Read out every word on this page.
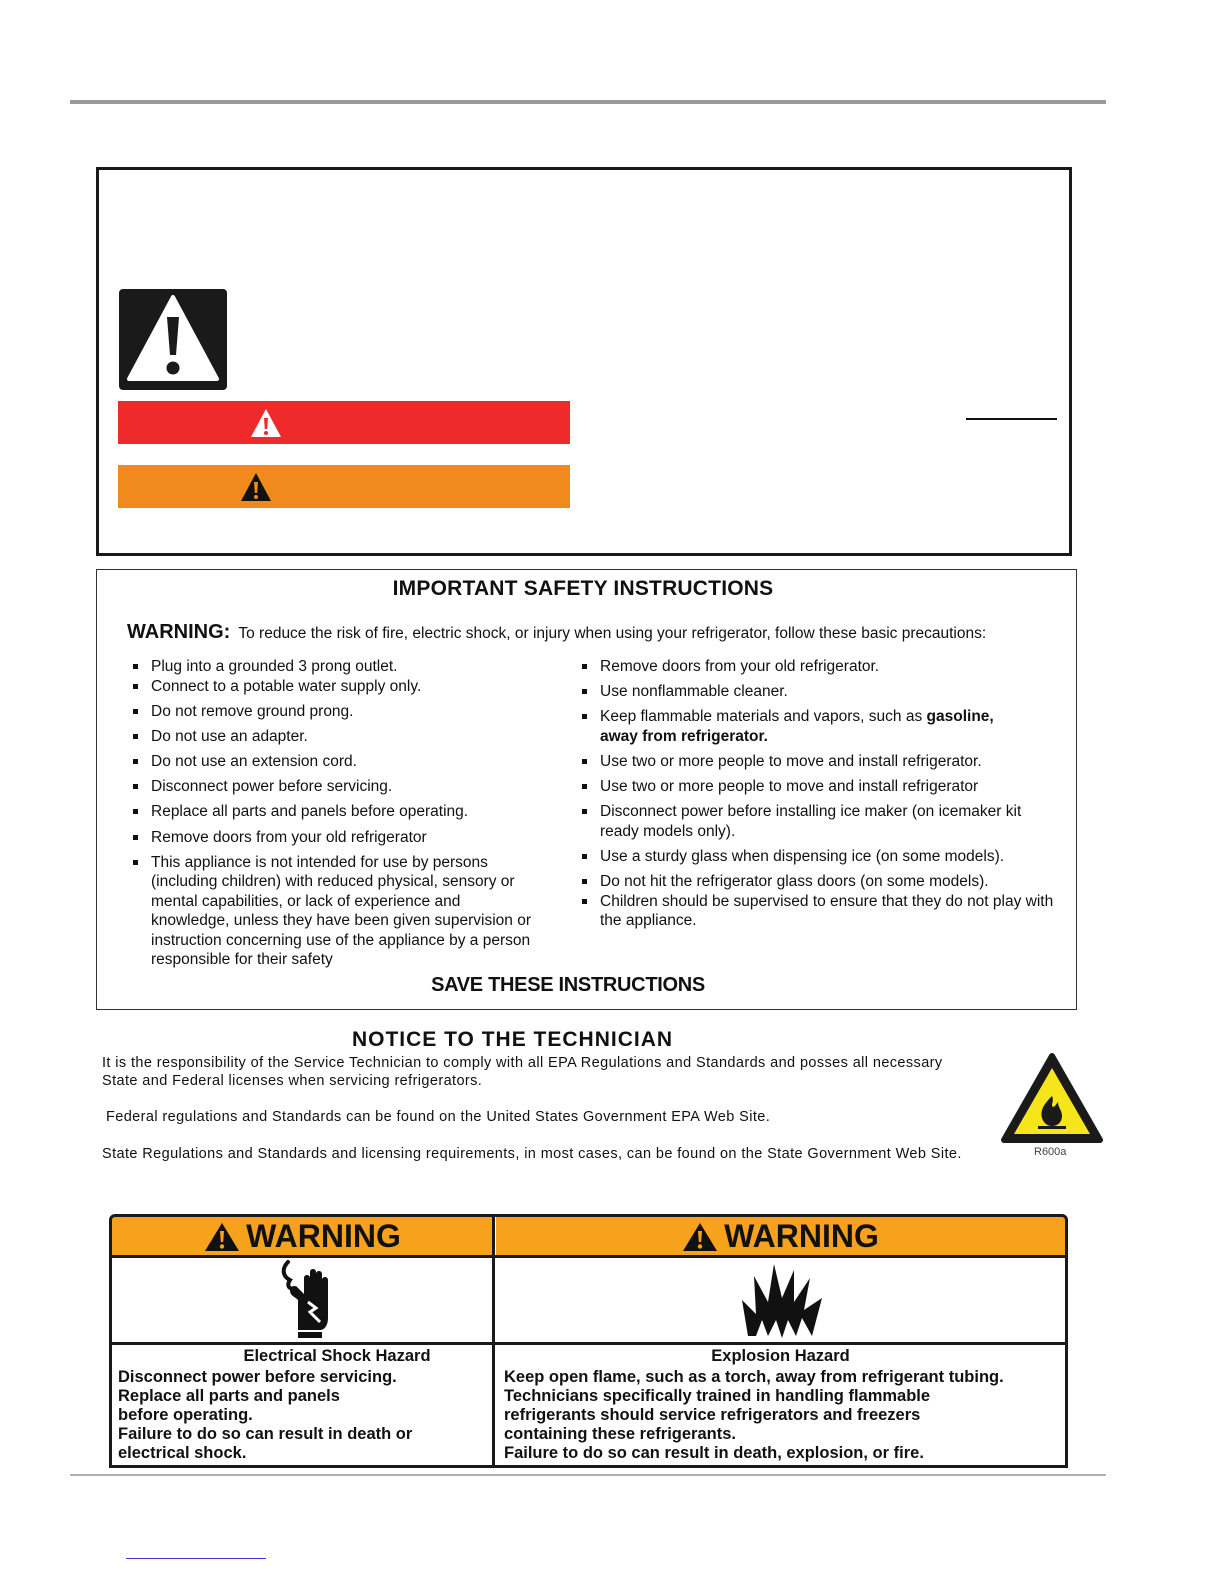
IMPORTANT SAFETY INSTRUCTIONS
WARNING: To reduce the risk of fire, electric shock, or injury when using your refrigerator, follow these basic precautions:
Plug into a grounded 3 prong outlet.
Connect to a potable water supply only.
Do not remove ground prong.
Do not use an adapter.
Do not use an extension cord.
Disconnect power before servicing.
Replace all parts and panels before operating.
Remove doors from your old refrigerator
This appliance is not intended for use by persons (including children) with reduced physical, sensory or mental capabilities, or lack of experience and knowledge, unless they have been given supervision or instruction concerning use of the appliance by a person responsible for their safety
Remove doors from your old refrigerator.
Use nonflammable cleaner.
Keep flammable materials and vapors, such as gasoline,
away from refrigerator.
Use two or more people to move and install refrigerator.
Use two or more people to move and install refrigerator
Disconnect power before installing ice maker (on icemaker kit ready models only).
Use a sturdy glass when dispensing ice (on some models).
Do not hit the refrigerator glass doors (on some models).
Children should be supervised to ensure that they do not play with the appliance.
SAVE THESE INSTRUCTIONS
NOTICE TO THE TECHNICIAN
It is the responsibility of the Service Technician to comply with all EPA Regulations and Standards and posses all necessary State and Federal licenses when servicing refrigerators.
Federal regulations and Standards can be found on the United States Government EPA Web Site.
State Regulations and Standards and licensing requirements, in most cases, can be found on the State Government Web Site.	R600a
WARNING	WARNING
Electrical Shock Hazard
Disconnect power before servicing.
Replace all parts and panels
before operating.
Failure to do so can result in death or
electrical shock.
Explosion Hazard
Keep open flame, such as a torch, away from refrigerant tubing.
Technicians specifically trained in handling flammable
refrigerants should service refrigerators and freezers
containing these refrigerants.
Failure to do so can result in death, explosion, or fire.
